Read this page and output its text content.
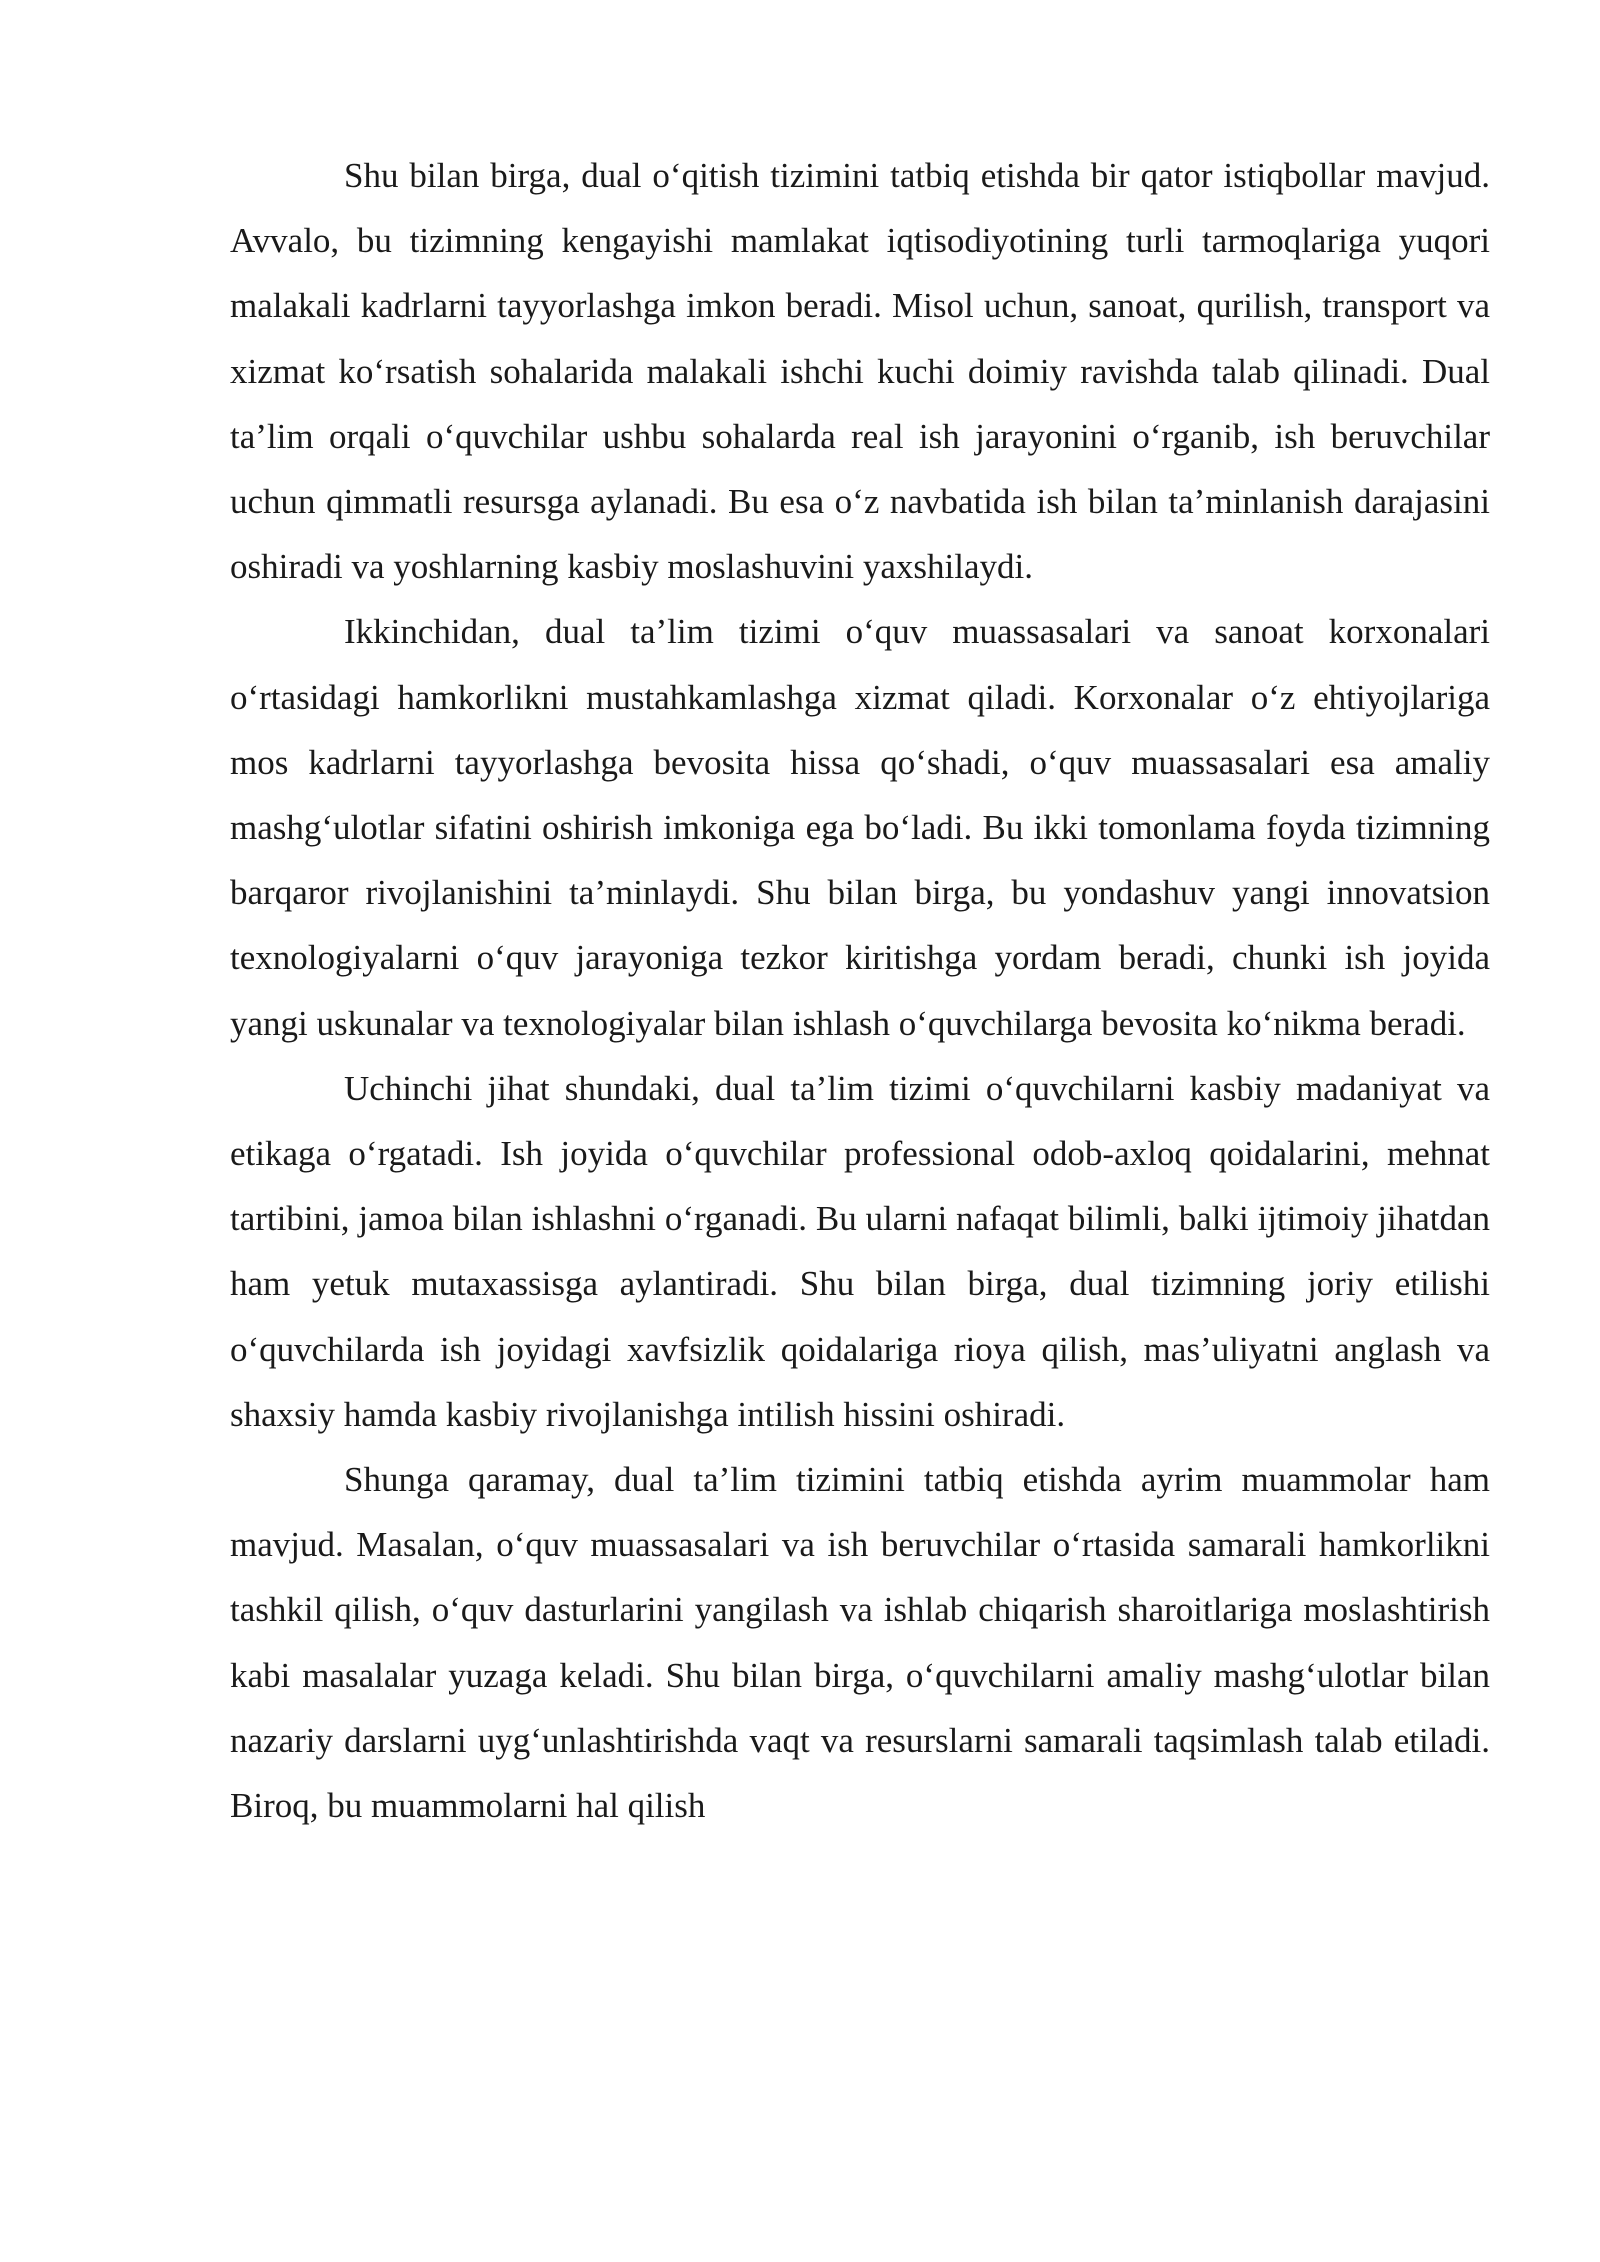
Shu bilan birga, dual o‘qitish tizimini tatbiq etishda bir qator istiqbollar mavjud. Avvalo, bu tizimning kengayishi mamlakat iqtisodiyotining turli tarmoqlariga yuqori malakali kadrlarni tayyorlashga imkon beradi. Misol uchun, sanoat, qurilish, transport va xizmat ko‘rsatish sohalarida malakali ishchi kuchi doimiy ravishda talab qilinadi. Dual ta’lim orqali o‘quvchilar ushbu sohalarda real ish jarayonini o‘rganib, ish beruvchilar uchun qimmatli resursga aylanadi. Bu esa o‘z navbatida ish bilan ta’minlanish darajasini oshiradi va yoshlarning kasbiy moslashuvini yaxshilaydi.

Ikkinchidan, dual ta’lim tizimi o‘quv muassasalari va sanoat korxonalari o‘rtasidagi hamkorlikni mustahkamlashga xizmat qiladi. Korxonalar o‘z ehtiyojlariga mos kadrlarni tayyorlashga bevosita hissa qo‘shadi, o‘quv muassasalari esa amaliy mashg‘ulotlar sifatini oshirish imkoniga ega bo‘ladi. Bu ikki tomonlama foyda tizimning barqaror rivojlanishini ta’minlaydi. Shu bilan birga, bu yondashuv yangi innovatsion texnologiyalarni o‘quv jarayoniga tezkor kiritishga yordam beradi, chunki ish joyida yangi uskunalar va texnologiyalar bilan ishlash o‘quvchilarga bevosita ko‘nikma beradi.

Uchinchi jihat shundaki, dual ta’lim tizimi o‘quvchilarni kasbiy madaniyat va etikaga o‘rgatadi. Ish joyida o‘quvchilar professional odob-axloq qoidalarini, mehnat tartibini, jamoa bilan ishlashni o‘rganadi. Bu ularni nafaqat bilimli, balki ijtimoiy jihatdan ham yetuk mutaxassisga aylantiradi. Shu bilan birga, dual tizimning joriy etilishi o‘quvchilarda ish joyidagi xavfsizlik qoidalariga rioya qilish, mas’uliyatni anglash va shaxsiy hamda kasbiy rivojlanishga intilish hissini oshiradi.

Shunga qaramay, dual ta’lim tizimini tatbiq etishda ayrim muammolar ham mavjud. Masalan, o‘quv muassasalari va ish beruvchilar o‘rtasida samarali hamkorlikni tashkil qilish, o‘quv dasturlarini yangilash va ishlab chiqarish sharoitlariga moslashtirish kabi masalalar yuzaga keladi. Shu bilan birga, o‘quvchilarni amaliy mashg‘ulotlar bilan nazariy darslarni uyg‘unlashtirishda vaqt va resurslarni samarali taqsimlash talab etiladi. Biroq, bu muammolarni hal qilish
